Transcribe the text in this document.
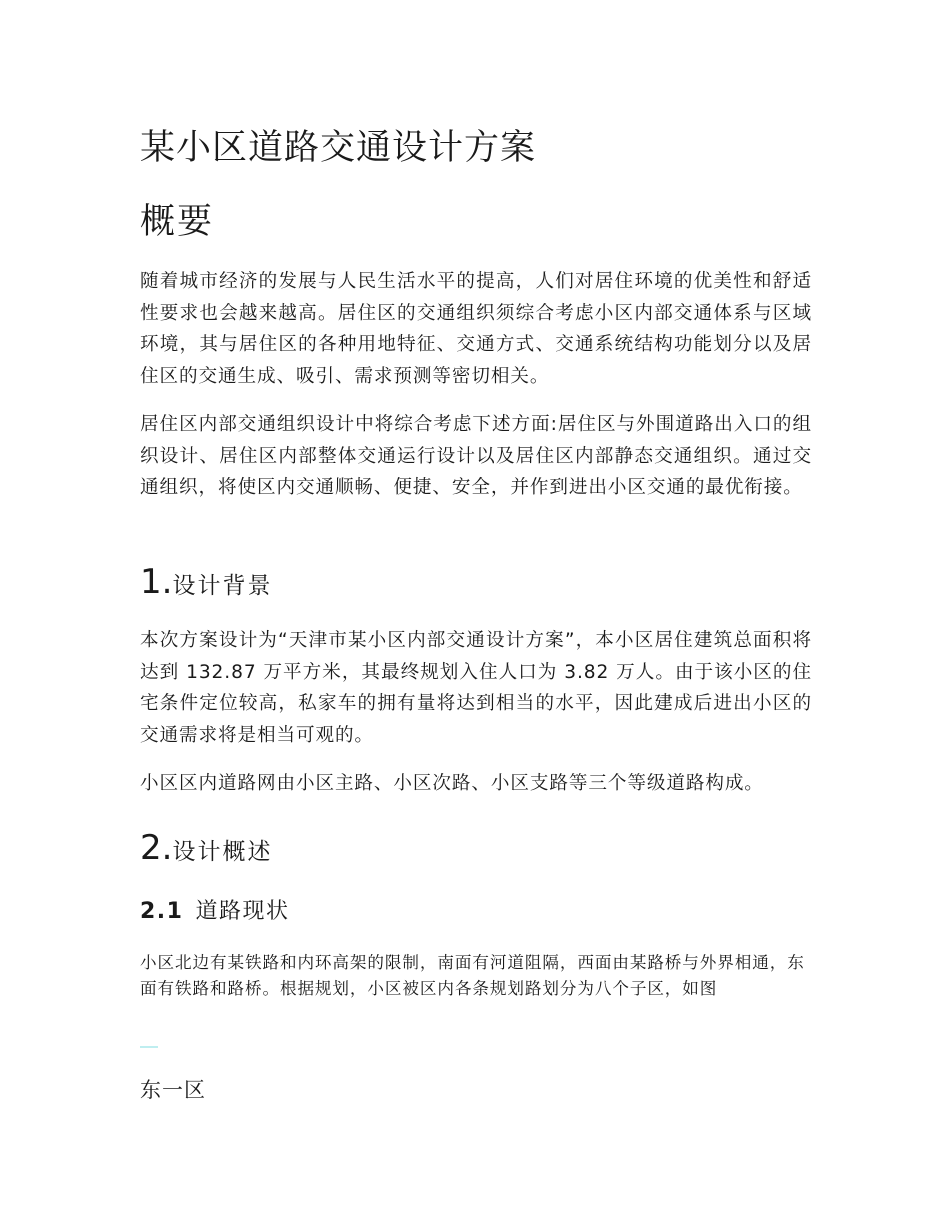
某小区道路交通设计方案
概要

随着城市经济的发展与人民生活水平的提高，人们对居住环境的优美性和舒适性要求也会越来越高。居住区的交通组织须综合考虑小区内部交通体系与区域环境，其与居住区的各种用地特征、交通方式、交通系统结构功能划分以及居住区的交通生成、吸引、需求预测等密切相关。

居住区内部交通组织设计中将综合考虑下述方面:居住区与外围道路出入口的组织设计、居住区内部整体交通运行设计以及居住区内部静态交通组织。通过交通组织，将使区内交通顺畅、便捷、安全，并作到进出小区交通的最优衔接。

1.设计背景

本次方案设计为“天津市某小区内部交通设计方案”，本小区居住建筑总面积将达到 132.87 万平方米，其最终规划入住人口为 3.82 万人。由于该小区的住宅条件定位较高，私家车的拥有量将达到相当的水平，因此建成后进出小区的交通需求将是相当可观的。

小区区内道路网由小区主路、小区次路、小区支路等三个等级道路构成。

2.设计概述
2.1 道路现状

小区北边有某铁路和内环高架的限制，南面有河道阻隔，西面由某路桥与外界相通，东面有铁路和路桥。根据规划，小区被区内各条规划路划分为八个子区，如图

东一区
